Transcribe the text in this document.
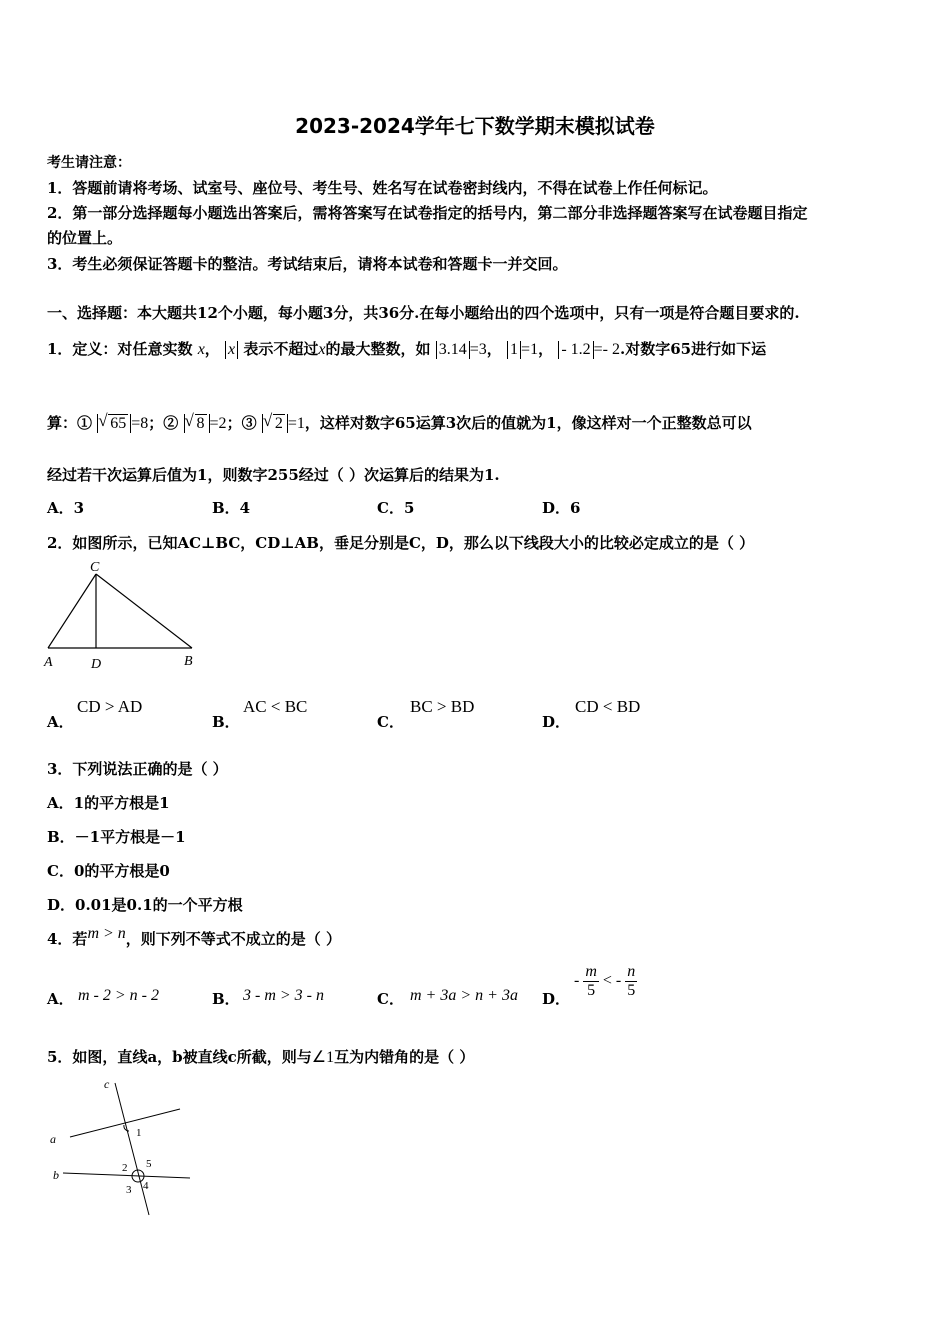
2023-2024学年七下数学期末模拟试卷
考生请注意：
1．答题前请将考场、试室号、座位号、考生号、姓名写在试卷密封线内，不得在试卷上作任何标记。
2．第一部分选择题每小题选出答案后，需将答案写在试卷指定的括号内，第二部分非选择题答案写在试卷题目指定
的位置上。
3．考生必须保证答题卡的整洁。考试结束后，请将本试卷和答题卡一并交回。
一、选择题：本大题共12个小题，每小题3分，共36分.在每小题给出的四个选项中，只有一项是符合题目要求的.
1．定义：对任意实数 x， x 表示不超过x的最大整数，如 3.14 =3， 1 =1， - 1.2 =- 2.对数字65进行如下运
算：① √ 65 =8；② √ 8 =2；③ √ 2 =1，这样对数字65运算3次后的值就为1，像这样对一个正整数总可以
经过若干次运算后值为1，则数字255经过（ ）次运算后的结果为1.
A．3	B．4	C．5	D．6
2．如图所示，已知AC⊥BC，CD⊥AB，垂足分别是C，D，那么以下线段大小的比较必定成立的是（ ）
C
A	D	B
A．
CD > AD
B．
AC < BC
C．
BC > BD
D．
CD < BD
3．下列说法正确的是（ ）
A．1的平方根是1
B．－1平方根是－1
C．0的平方根是0
D．0.01是0.1的一个平方根
4．若m > n，则下列不等式不成立的是（ ）
A． m - 2 > n - 2	B． 3 - m > 3 - n	C． m + 3a > n + 3a D．
- $\frac{m}{5}$ < - $\frac{n}{5}$
5．如图，直线a，b被直线c所截，则与∠1互为内错角的是（ ）
c
a
b
1
2 5
3 4
